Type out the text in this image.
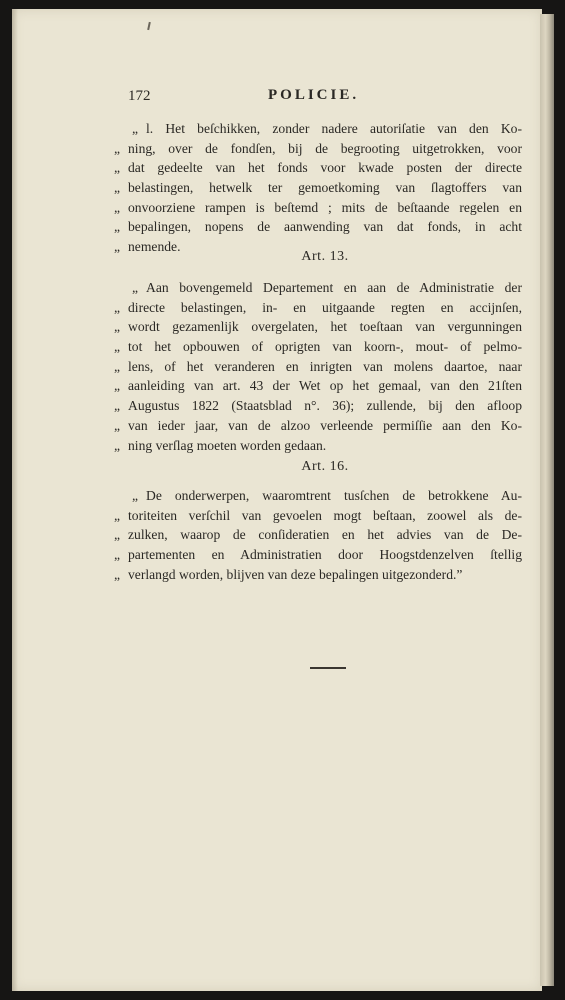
172	POLICIE.
„ l. Het beſchikken, zonder nadere autoriſatie van den Ko-
„ ning, over de fondſen, bij de begrooting uitgetrokken, voor
„ dat gedeelte van het fonds voor kwade posten der directe
„ belastingen, hetwelk ter gemoetkoming van ſlagtoffers van
„ onvoorziene rampen is beſtemd ; mits de beſtaande regelen en
„ bepalingen, nopens de aanwending van dat fonds, in acht
„ nemende.
Art. 13.
„ Aan bovengemeld Departement en aan de Administratie der
„ directe belastingen, in- en uitgaande regten en accijnſen,
„ wordt gezamenlijk overgelaten, het toeſtaan van vergunningen
„ tot het opbouwen of oprigten van koorn-, mout- of pelmo-
„ lens, of het veranderen en inrigten van molens daartoe, naar
„ aanleiding van art. 43 der Wet op het gemaal, van den 21ſten
„ Augustus 1822 (Staatsblad n°. 36); zullende, bij den afloop
„ van ieder jaar, van de alzoo verleende permiſſie aan den Ko-
„ ning verſlag moeten worden gedaan.
Art. 16.
„ De onderwerpen, waaromtrent tusſchen de betrokkene Au-
„ toriteiten verſchil van gevoelen mogt beſtaan, zoowel als de-
„ zulken, waarop de conſideratien en het advies van de De-
„ partementen en Administratien door Hoogstdenzelven ſtellig
„ verlangd worden, blijven van deze bepalingen uitgezonderd.”
